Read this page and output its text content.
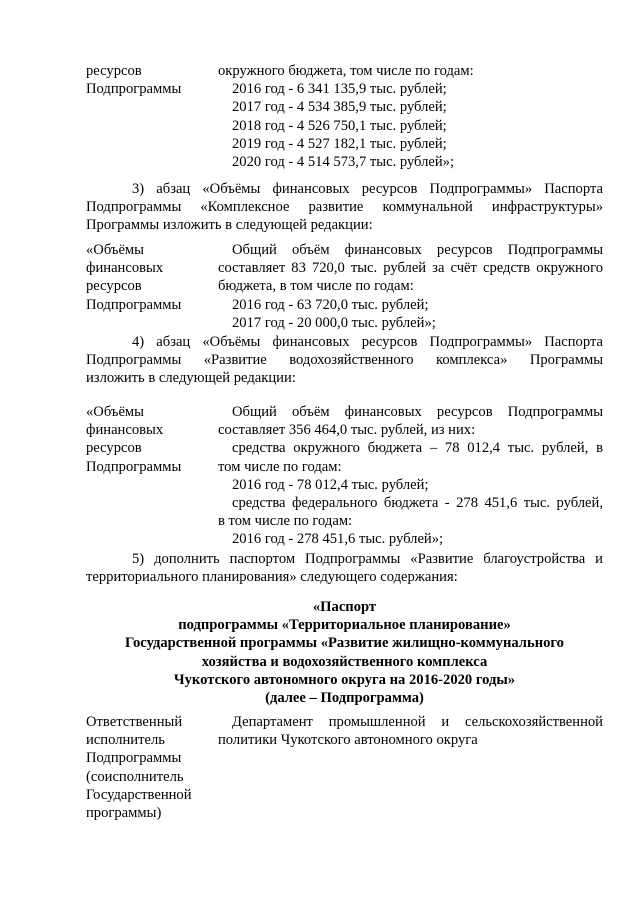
ресурсов
Подпрограммы

окружного бюджета, том числе по годам:

2016 год - 6 341 135,9 тыс. рублей;

2017 год - 4 534 385,9 тыс. рублей;

2018 год - 4 526 750,1 тыс. рублей;

2019 год - 4 527 182,1 тыс. рублей;

2020 год - 4 514 573,7 тыс. рублей»;

3) абзац «Объёмы финансовых ресурсов Подпрограммы» Паспорта
Подпрограммы «Комплексное развитие коммунальной инфраструктуры»
Программы изложить в следующей редакции:
«Объёмы
финансовых
ресурсов
Подпрограммы
Общий объём финансовых ресурсов Подпрограммы
составляет 83 720,0 тыс. рублей за счёт средств окружного
бюджета, в том числе по годам:
2016 год - 63 720,0 тыс. рублей;
2017 год - 20 000,0 тыс. рублей»;
4) абзац «Объёмы финансовых ресурсов Подпрограммы» Паспорта
Подпрограммы «Развитие водохозяйственного комплекса» Программы
изложить в следующей редакции:
«Объёмы
финансовых
ресурсов
Подпрограммы
Общий объём финансовых ресурсов Подпрограммы
составляет 356 464,0 тыс. рублей, из них:
средства окружного бюджета – 78 012,4 тыс. рублей, в
том числе по годам:
2016 год - 78 012,4 тыс. рублей;
средства федерального бюджета - 278 451,6 тыс. рублей,
в том числе по годам:
2016 год - 278 451,6 тыс. рублей»;
5) дополнить паспортом Подпрограммы «Развитие благоустройства и
территориального планирования» следующего содержания:
«Паспорт
подпрограммы «Территориальное планирование»
Государственной программы «Развитие жилищно-коммунального
хозяйства и водохозяйственного комплекса
Чукотского автономного округа на 2016-2020 годы»
(далее – Подпрограмма)
Ответственный
исполнитель
Подпрограммы
(соисполнитель
Государственной
программы)
Департамент промышленной и сельскохозяйственной
политики Чукотского автономного округа
